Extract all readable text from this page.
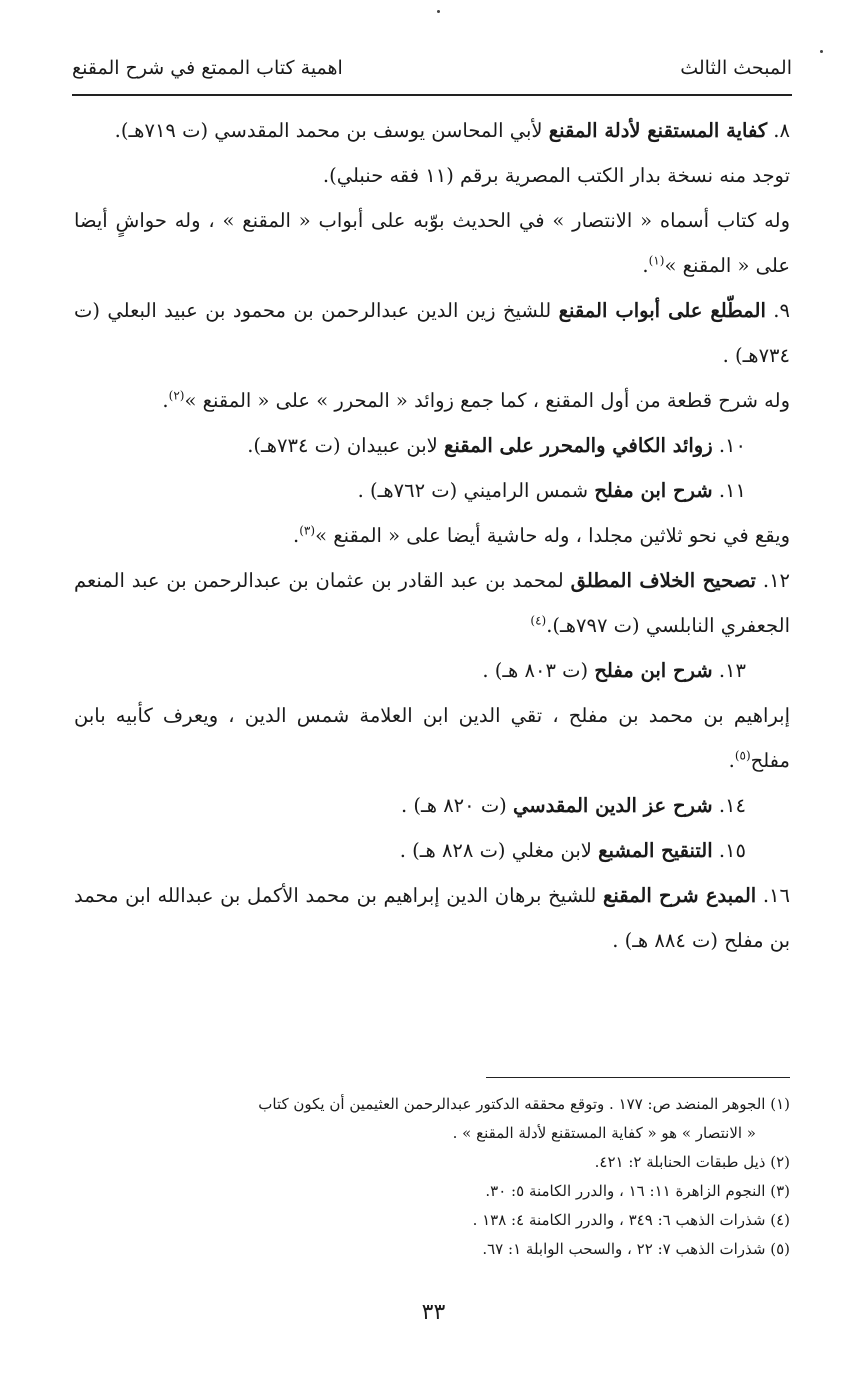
المبحث الثالث
اهمية كتاب الممتع في شرح المقنع

٨. كفاية المستقنع لأدلة المقنع لأبي المحاسن يوسف بن محمد المقدسي (ت ٧١٩هـ).

توجد منه نسخة بدار الكتب المصرية برقم (١١ فقه حنبلي).

وله كتاب أسماه « الانتصار » في الحديث بوّبه على أبواب « المقنع » ، وله حواشٍ أيضا على « المقنع »$^{(١)}$.

٩. المطّلع على أبواب المقنع للشيخ زين الدين عبدالرحمن بن محمود بن عبيد البعلي (ت ٧٣٤هـ) .

وله شرح قطعة من أول المقنع ، كما جمع زوائد « المحرر » على « المقنع »$^{(٢)}$.

١٠. زوائد الكافي والمحرر على المقنع لابن عبيدان (ت ٧٣٤هـ).

١١. شرح ابن مفلح شمس الراميني (ت ٧٦٢هـ) .

ويقع في نحو ثلاثين مجلدا ، وله حاشية أيضا على « المقنع »$^{(٣)}$.

١٢. تصحيح الخلاف المطلق لمحمد بن عبد القادر بن عثمان بن عبدالرحمن بن عبد المنعم الجعفري النابلسي (ت ٧٩٧هـ).$^{(٤)}$

١٣. شرح ابن مفلح (ت ٨٠٣ هـ) .

إبراهيم بن محمد بن مفلح ، تقي الدين ابن العلامة شمس الدين ، ويعرف كأبيه بابن مفلح$^{(٥)}$.

١٤. شرح عز الدين المقدسي (ت ٨٢٠ هـ) .

١٥. التنقيح المشبع لابن مغلي (ت ٨٢٨ هـ) .

١٦. المبدع شرح المقنع للشيخ برهان الدين إبراهيم بن محمد الأكمل بن عبدالله ابن محمد بن مفلح (ت ٨٨٤ هـ) .

(١) الجوهر المنضد ص: ١٧٧ . وتوقع محققه الدكتور عبدالرحمن العثيمين أن يكون كتاب

« الانتصار » هو « كفاية المستقنع لأدلة المقنع » .

(٢) ذيل طبقات الحنابلة ٢: ٤٢١.

(٣) النجوم الزاهرة ١١: ١٦ ، والدرر الكامنة ٥: ٣٠.

(٤) شذرات الذهب ٦: ٣٤٩ ، والدرر الكامنة ٤: ١٣٨ .

(٥) شذرات الذهب ٧: ٢٢ ، والسحب الوابلة ١: ٦٧.

٣٣
